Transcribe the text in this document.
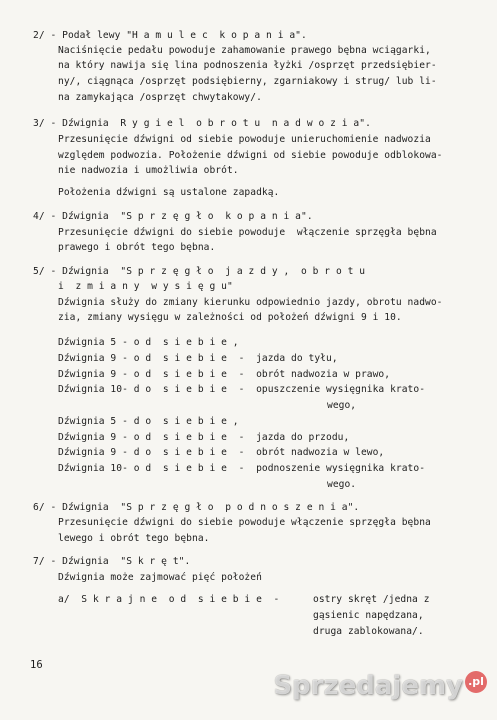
2/ - Podał lewy "H a m u l e c  k o p a n i a".
Naciśnięcie pedału powoduje zahamowanie prawego bębna wciągarki,
na który nawija się lina podnoszenia łyżki /osprzęt przedsiębier-
ny/, ciągnąca /osprzęt podsiębierny, zgarniakowy i strug/ lub li-
na zamykająca /osprzęt chwytakowy/.
3/ - Dźwignia  R y g i e l  o b r o t u  n a d w o z i a".
Przesunięcie dźwigni od siebie powoduje unieruchomienie nadwozia
względem podwozia. Położenie dźwigni od siebie powoduje odblokowa-
nie nadwozia i umożliwia obrót.
Położenia dźwigni są ustalone zapadką.
4/ - Dźwignia  "S p r z ę g ł o  k o p a n i a".
Przesunięcie dźwigni do siebie powoduje  włączenie sprzęgła bębna
prawego i obrót tego bębna.
5/ - Dźwignia  "S p r z ę g ł o  j a z d y ,  o b r o t u
i  z m i a n y  w y s i ę g u"
Dźwignia służy do zmiany kierunku odpowiednio jazdy, obrotu nadwo-
zia, zmiany wysięgu w zależności od położeń dźwigni 9 i 10.
Dźwignia 5 - o d  s i e b i e ,
Dźwignia 9 - o d  s i e b i e  -  jazda do tyłu,
Dźwignia 9 - o d  s i e b i e  -  obrót nadwozia w prawo,
Dźwignia 10- d o  s i e b i e  -  opuszczenie wysięgnika krato-
wego,
Dźwignia 5 - d o  s i e b i e ,
Dźwignia 9 - o d  s i e b i e  -  jazda do przodu,
Dźwignia 9 - d o  s i e b i e  -  obrót nadwozia w lewo,
Dźwignia 10- o d  s i e b i e  -  podnoszenie wysięgnika krato-
wego.
6/ - Dźwignia  "S p r z ę g ł o  p o d n o s z e n i a".
Przesunięcie dźwigni do siebie powoduje włączenie sprzęgła bębna
lewego i obrót tego bębna.
7/ - Dźwignia  "S k r ę t".
Dźwignia może zajmować pięć położeń
a/  S k r a j n e  o d  s i e b i e  -	ostry skręt /jedna z
gąsienic napędzana,
druga zablokowana/.
16
Sprzedajemy .pl
